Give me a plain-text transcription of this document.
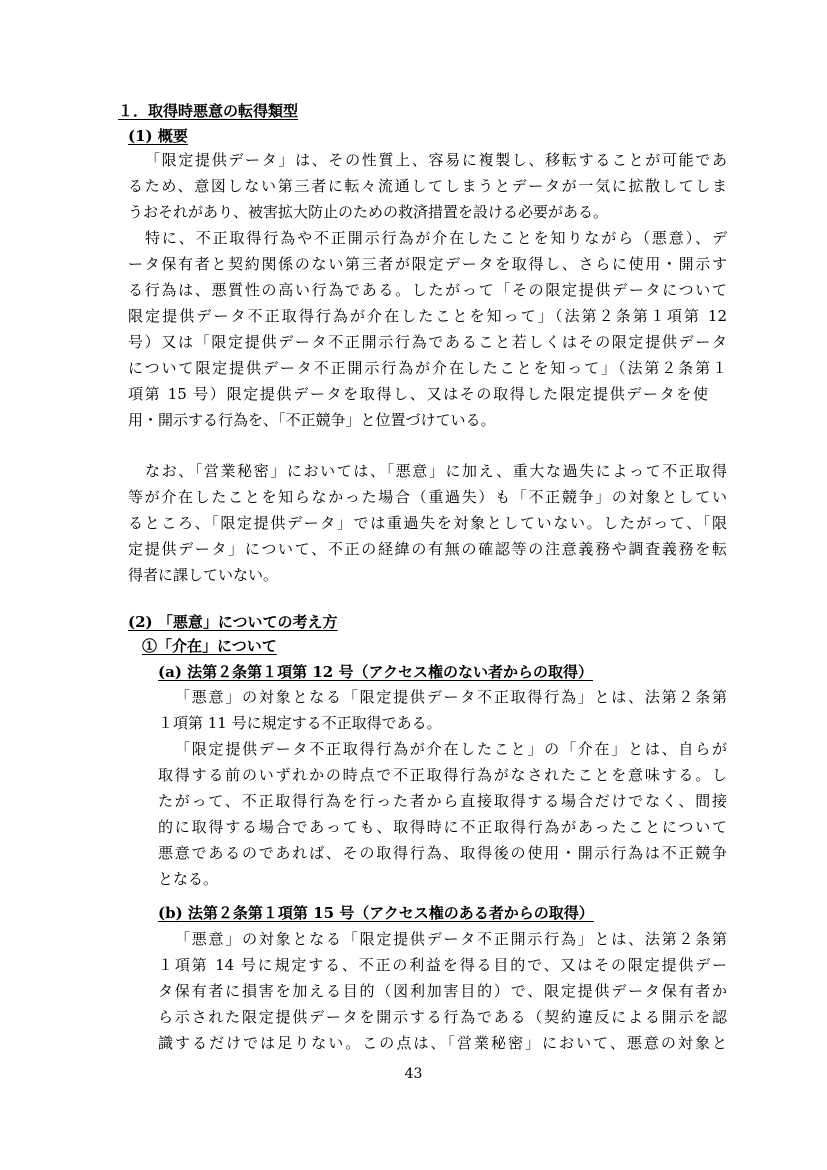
１．取得時悪意の転得類型
(1) 概要
「限定提供データ」は、その性質上、容易に複製し、移転することが可能であ
るため、意図しない第三者に転々流通してしまうとデータが一気に拡散してしま
うおそれがあり、被害拡大防止のための救済措置を設ける必要がある。
特に、不正取得行為や不正開示行為が介在したことを知りながら（悪意）、デ
ータ保有者と契約関係のない第三者が限定データを取得し、さらに使用・開示す
る行為は、悪質性の高い行為である。したがって「その限定提供データについて
限定提供データ不正取得行為が介在したことを知って」（法第２条第１項第 12
号）又は「限定提供データ不正開示行為であること若しくはその限定提供データ
について限定提供データ不正開示行為が介在したことを知って」（法第２条第１
項第 15 号）限定提供データを取得し、又はその取得した限定提供データを使
用・開示する行為を、「不正競争」と位置づけている。
なお、「営業秘密」においては、「悪意」に加え、重大な過失によって不正取得
等が介在したことを知らなかった場合（重過失）も「不正競争」の対象としてい
るところ、「限定提供データ」では重過失を対象としていない。したがって、「限
定提供データ」について、不正の経緯の有無の確認等の注意義務や調査義務を転
得者に課していない。
(2) 「悪意」についての考え方
①「介在」について
(a) 法第２条第１項第 12 号（アクセス権のない者からの取得）
「悪意」の対象となる「限定提供データ不正取得行為」とは、法第２条第
１項第 11 号に規定する不正取得である。
「限定提供データ不正取得行為が介在したこと」の「介在」とは、自らが
取得する前のいずれかの時点で不正取得行為がなされたことを意味する。し
たがって、不正取得行為を行った者から直接取得する場合だけでなく、間接
的に取得する場合であっても、取得時に不正取得行為があったことについて
悪意であるのであれば、その取得行為、取得後の使用・開示行為は不正競争
となる。
(b) 法第２条第１項第 15 号（アクセス権のある者からの取得）
「悪意」の対象となる「限定提供データ不正開示行為」とは、法第２条第
１項第 14 号に規定する、不正の利益を得る目的で、又はその限定提供デー
タ保有者に損害を加える目的（図利加害目的）で、限定提供データ保有者か
ら示された限定提供データを開示する行為である（契約違反による開示を認
識するだけでは足りない。この点は、「営業秘密」において、悪意の対象と
43
